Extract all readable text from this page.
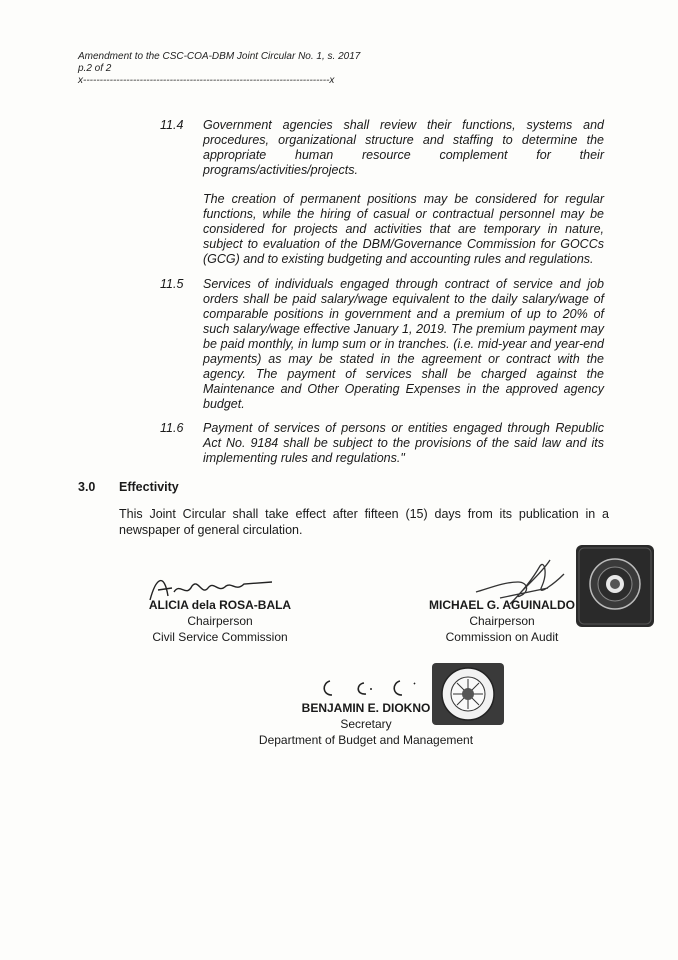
Amendment to the CSC-COA-DBM Joint Circular No. 1, s. 2017
p.2 of 2
x--------------------------------------------------------------------------x
11.4 Government agencies shall review their functions, systems and procedures, organizational structure and staffing to determine the appropriate human resource complement for their programs/activities/projects.

The creation of permanent positions may be considered for regular functions, while the hiring of casual or contractual personnel may be considered for projects and activities that are temporary in nature, subject to evaluation of the DBM/Governance Commission for GOCCs (GCG) and to existing budgeting and accounting rules and regulations.

11.5 Services of individuals engaged through contract of service and job orders shall be paid salary/wage equivalent to the daily salary/wage of comparable positions in government and a premium of up to 20% of such salary/wage effective January 1, 2019. The premium payment may be paid monthly, in lump sum or in tranches. (i.e. mid-year and year-end payments) as may be stated in the agreement or contract with the agency. The payment of services shall be charged against the Maintenance and Other Operating Expenses in the approved agency budget.

11.6 Payment of services of persons or entities engaged through Republic Act No. 9184 shall be subject to the provisions of the said law and its implementing rules and regulations."

3.0 Effectivity

This Joint Circular shall take effect after fifteen (15) days from its publication in a newspaper of general circulation.

ALICIA dela ROSA-BALA
Chairperson
Civil Service Commission
MICHAEL G. AGUINALDO
Chairperson
Commission on Audit
BENJAMIN E. DIOKNO
Secretary
Department of Budget and Management
